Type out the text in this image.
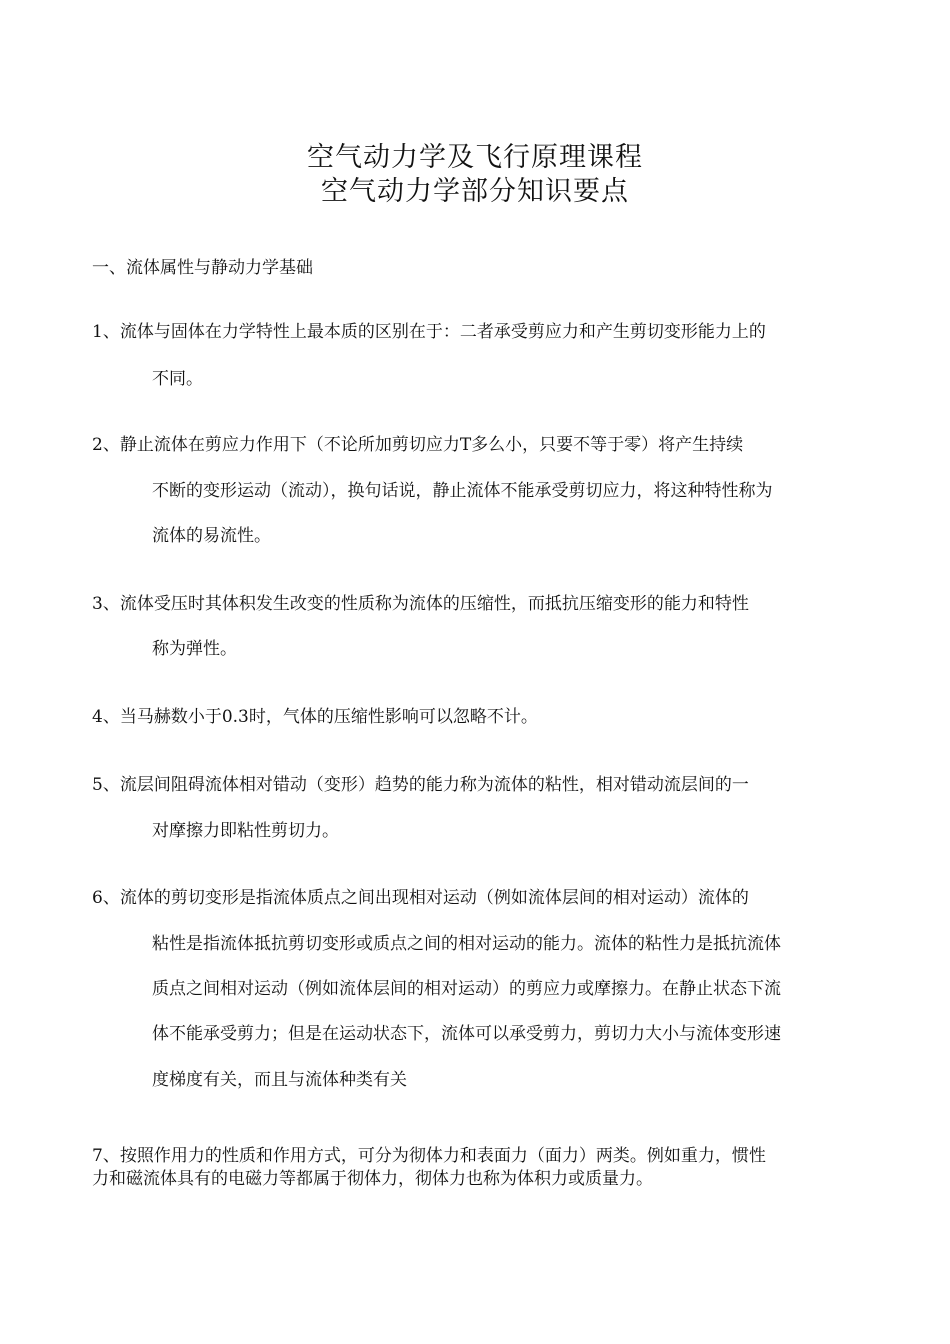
空气动力学及飞行原理课程
空气动力学部分知识要点
一、流体属性与静动力学基础
1、流体与固体在力学特性上最本质的区别在于：二者承受剪应力和产生剪切变形能力上的
不同。
2、静止流体在剪应力作用下（不论所加剪切应力T多么小，只要不等于零）将产生持续
不断的变形运动（流动），换句话说，静止流体不能承受剪切应力，将这种特性称为
流体的易流性。
3、流体受压时其体积发生改变的性质称为流体的压缩性，而抵抗压缩变形的能力和特性
称为弹性。
4、当马赫数小于0.3时，气体的压缩性影响可以忽略不计。
5、流层间阻碍流体相对错动（变形）趋势的能力称为流体的粘性，相对错动流层间的一
对摩擦力即粘性剪切力。
6、流体的剪切变形是指流体质点之间出现相对运动（例如流体层间的相对运动）流体的
粘性是指流体抵抗剪切变形或质点之间的相对运动的能力。流体的粘性力是抵抗流体
质点之间相对运动（例如流体层间的相对运动）的剪应力或摩擦力。在静止状态下流
体不能承受剪力；但是在运动状态下，流体可以承受剪力，剪切力大小与流体变形速
度梯度有关，而且与流体种类有关
7、按照作用力的性质和作用方式，可分为彻体力和表面力（面力）两类。例如重力，惯性
力和磁流体具有的电磁力等都属于彻体力，彻体力也称为体积力或质量力。
